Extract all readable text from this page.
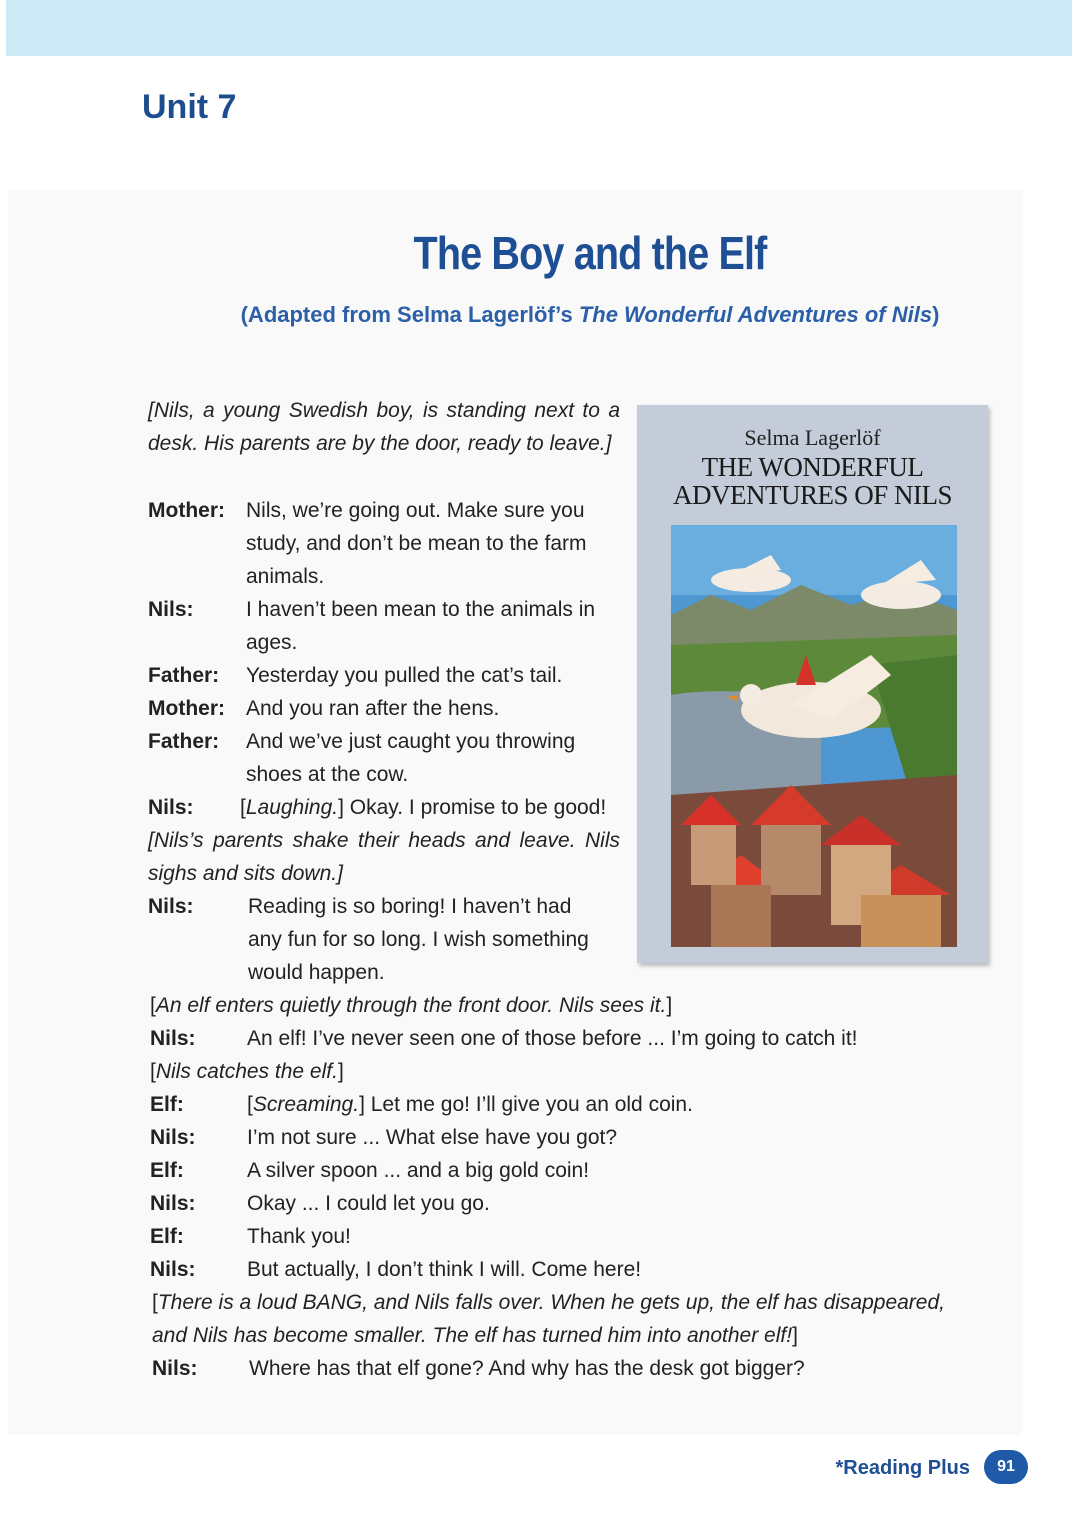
Unit 7
The Boy and the Elf
(Adapted from Selma Lagerlöf’s The Wonderful Adventures of Nils)
Selma Lagerlöf
THE WONDERFUL
ADVENTURES OF NILS
[Nils, a young Swedish boy, is standing next to a desk. His parents are by the door, ready to leave.]
Mother: Nils, we’re going out. Make sure you
study, and don’t be mean to the farm
animals.
Nils: I haven’t been mean to the animals in
ages.
Father: Yesterday you pulled the cat’s tail.
Mother: And you ran after the hens.
Father: And we’ve just caught you throwing
shoes at the cow.
Nils: [Laughing.] Okay. I promise to be good!
[Nils’s parents shake their heads and leave. Nils sighs and sits down.]
Nils:	Reading is so boring! I haven’t had
any fun for so long. I wish something
would happen.
[An elf enters quietly through the front door. Nils sees it.]
Nils: An elf! I’ve never seen one of those before ... I’m going to catch it!
[Nils catches the elf.]
Elf:	[Screaming.] Let me go! I’ll give you an old coin.
Nils: I’m not sure ... What else have you got?
Elf:	A silver spoon ... and a big gold coin!
Nils: Okay ... I could let you go.
Elf:	Thank you!
Nils: But actually, I don’t think I will. Come here!
[There is a loud BANG, and Nils falls over. When he gets up, the elf has disappeared,
and Nils has become smaller. The elf has turned him into another elf!]
Nils: Where has that elf gone? And why has the desk got bigger?
*Reading Plus	91
